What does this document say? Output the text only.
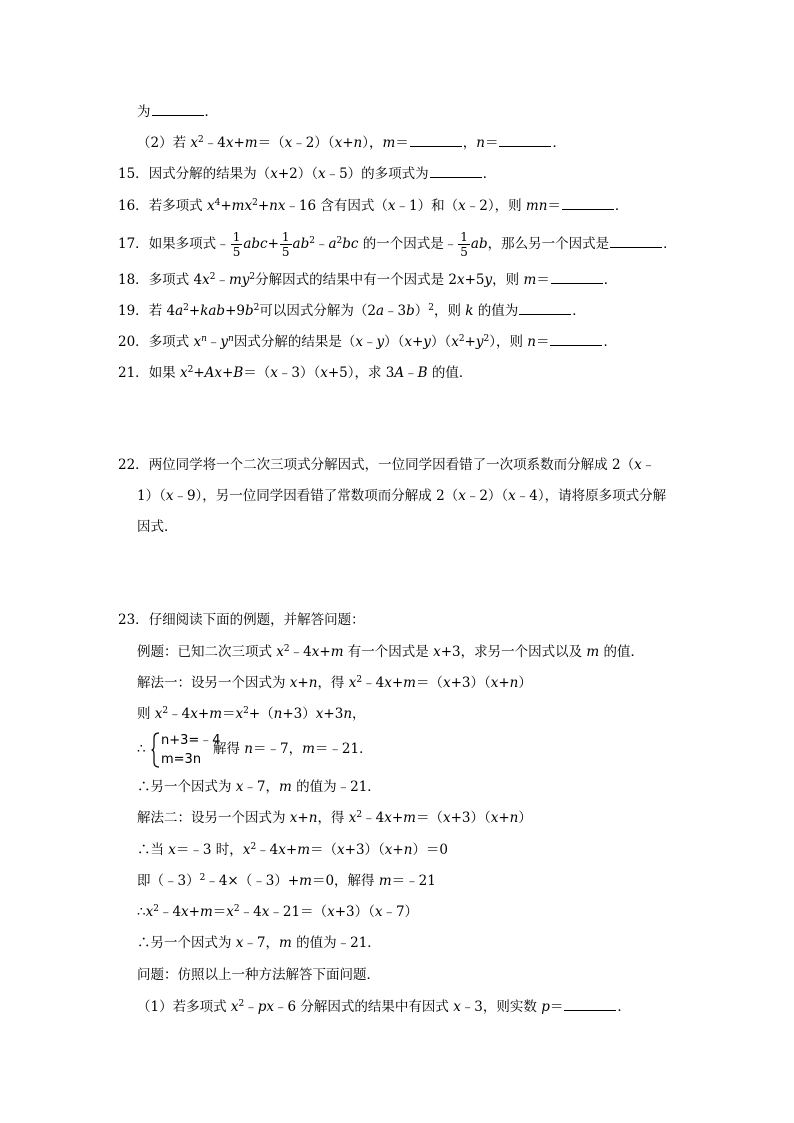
为	．
（2）若 $x^2﹣4x+m=(x﹣2)(x+n)$，m＝	，n＝	．
15．因式分解的结果为（x+2）（x﹣5）的多项式为	．
16．若多项式 $x^4+mx^2+nx﹣16$ 含有因式（x﹣1）和（x﹣2），则 mn＝	．
17．如果多项式﹣ $\frac{1}{5} abc+ \frac{1}{5}$ $ab^2﹣a^2bc$ 的一个因式是﹣ $\frac{1}{5}$ ab，那么另一个因式是	．
18．多项式 $4x^2﹣my^2$分解因式的结果中有一个因式是 2x+5y，则 m＝	．
19．若 $4a^2+kab+9b^2$可以因式分解为（2a﹣3b）$^2$，则 k 的值为	．
20．多项式 $x^n﹣y^n$因式分解的结果是$(x﹣y)(x+y)(x^2+y^2)$，则 n＝	．
21．如果 $x^2+Ax+B=(x﹣3)(x+5)$，求 3A﹣B 的值．
22．两位同学将一个二次三项式分解因式，一位同学因看错了一次项系数而分解成 2（x﹣
1）（x﹣9），另一位同学因看错了常数项而分解成 2（x﹣2）（x﹣4），请将原多项式分解
因式．
23．仔细阅读下面的例题，并解答问题：
例题：已知二次三项式 $x^2﹣4x+m$ 有一个因式是 x+3，求另一个因式以及 m 的值．
解法一：设另一个因式为 x+n，得 $x^2﹣4x+m=(x+3)(x+n)$
则 $x^2﹣4x+m=x^2+(n+3)x+3n$，
∴
n+3=﹣4
m=3n
解得 n＝﹣7，m＝﹣21．
∴另一个因式为 x﹣7，m 的值为﹣21．
解法二：设另一个因式为 x+n，得 $x^2﹣4x+m=(x+3)(x+n)$
∴当 x＝﹣3 时，$x^2﹣4x+m=(x+3)(x+n)=0$
即（﹣3）$^2$﹣4×（﹣3）+m＝0，解得 m＝﹣21
$\therefore x^2﹣4x+m=x^2﹣4x﹣21=(x+3)(x﹣7)$
∴另一个因式为 x﹣7，m 的值为﹣21．
问题：仿照以上一种方法解答下面问题．
（1）若多项式 $x^2﹣px﹣6$ 分解因式的结果中有因式 x﹣3，则实数 p＝	．
